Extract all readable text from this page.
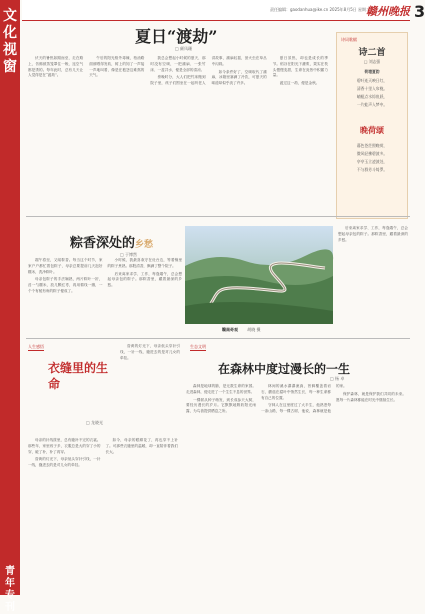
文
化
视
窗
青
年
专
刊
责任编辑：gaodanhua@ike.cn 2025年8月5日 星期二
赣州晚报 3
夏日“渡劫”
□ 颜凤珊

伏天的暑热如期而至，走在路上，仿佛被蒸笼罩住一般，连空气都是烫的。每年此时，总有几天让人觉得是在“渡劫”。

午后的阳光格外毒辣，柏油路面被晒得发软，树上的知了一声接一声地叫着，像是在抱怨这难熬的天气。

我总会想起小时候的夏天，那时没有空调，一把蒲扇、一张竹床、一盆井水，便是全部的清凉。

傍晚时分，大人们把竹床搬到院子里，孩子们围坐在一起听老人讲故事，蒲扇轻摇，萤火虫在草丛中闪烁。

如今条件好了，空调取代了蒲扇，冰箱里塞满了冷饮，可夏天的味道却似乎淡了许多。

夏日虽热，却也是成长的季节。稻谷在阳光下灌浆，果实在枝头慢慢变甜，生命在炎热中积蓄力量。

渡过这一劫，便是金秋。

诗词歌赋
诗二首
□ 刘志强
荷塘夏韵
碧叶连天映日红，
清香十里入帘栊。
蜻蜓点水惊鱼跃，
一片蛙声入梦中。
晚荷颂
暮色苍茫照晚荷，
微风轻拂碧波多。
亭亭玉立凌波处，
不与群芳斗绮罗。
粽香深处的乡愁
□ 于博然

端午将至，又闻粽香。每当这个时节，家家户户都忙着包粽子，母亲总要提前几天泡好糯米，洗净粽叶。

母亲包粽子的手法娴熟，两片粽叶一折，舀一勺糯米，放几颗红枣，再用棉线一缠，一个个有棱有角的粽子便成了。

小时候，我最喜欢守在灶台边，等着锅里的粽子煮熟。那股清香，飘满了整个院子。

后来离家求学、工作，每逢端午，总会想起母亲包的粽子。那粽香里，藏着最深的乡愁。

赣南奇观 胡晓 摄

后来离家求学、工作，每逢端午，总会想起母亲包的粽子。那粽香里，藏着最深的乡愁。

人生感悟
衣缝里的生命
□ 龙晓光

母亲的针线筐里，总有缝补不完的衣裳。那些年，家里孩子多，衣服总是大的穿了小的穿，破了补，补了再穿。

昏黄的灯光下，母亲低头穿针引线，一针一线，缝进去的是对儿女的牵挂。

如今，母亲的眼睛花了，再也穿不上针了。可那些衣缝里的温暖，却一直陪伴着我们长大。

昏黄的灯光下，母亲低头穿针引线，一针一线，缝进去的是对儿女的牵挂。

生态文明
在森林中度过漫长的一生
□ 杨 卓

森林是地球的肺，是无数生命的家园。走进森林，便走进了一个生生不息的世界。

一棵树从种子萌发，到长成参天大树，要经历漫长的岁月。它默默地吸收阳光雨露，为鸟兽提供栖息之所。

林间的溪水潺潺流淌，苔藓覆盖着岩石，蘑菇在腐叶中悄然生长，每一种生命都有自己的位置。

守林人在这里度过了大半生，他熟悉每一条山路，每一棵古树，他说，森林就是他的家。

保护森林，就是保护我们共同的未来。愿每一片森林都能在时光中继续生长。
